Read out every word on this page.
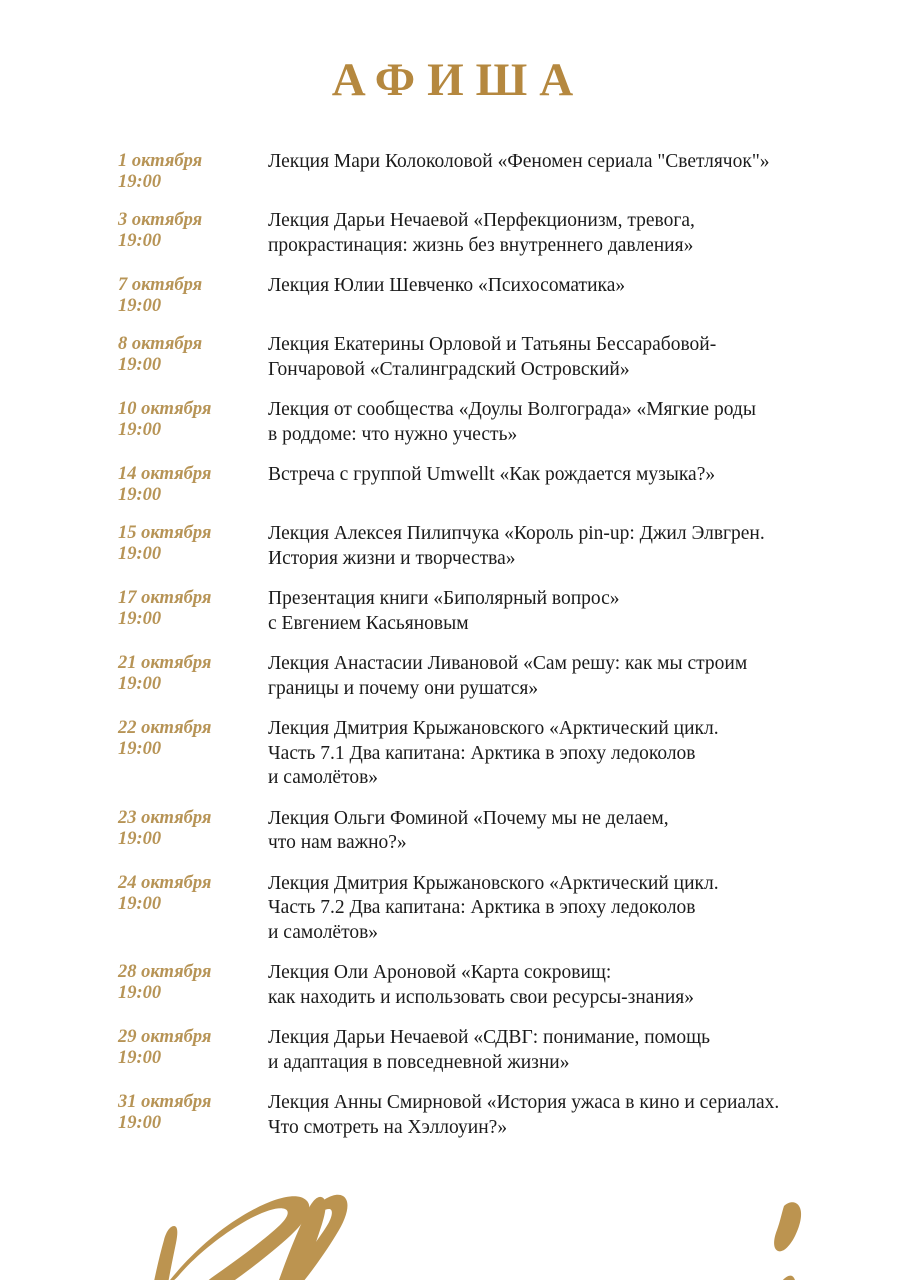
АФИША
1 октября
19:00
Лекция Мари Колоколовой «Феномен сериала "Светлячок"»
3 октября
19:00
Лекция Дарьи Нечаевой «Перфекционизм, тревога,
прокрастинация: жизнь без внутреннего давления»
7 октября
19:00
Лекция Юлии Шевченко «Психосоматика»
8 октября
19:00
Лекция Екатерины Орловой и Татьяны Бессарабовой-
Гончаровой «Сталинградский Островский»
10 октября
19:00
Лекция от сообщества «Доулы Волгограда» «Мягкие роды
в роддоме: что нужно учесть»
14 октября
19:00
Встреча с группой Umwellt «Как рождается музыка?»
15 октября
19:00
Лекция Алексея Пилипчука «Король pin-up: Джил Элвгрен.
История жизни и творчества»
17 октября
19:00
Презентация книги «Биполярный вопрос»
с Евгением Касьяновым
21 октября
19:00
Лекция Анастасии Ливановой «Сам решу: как мы строим
границы и почему они рушатся»
22 октября
19:00
Лекция Дмитрия Крыжановского «Арктический цикл.
Часть 7.1 Два капитана: Арктика в эпоху ледоколов
и самолётов»
23 октября
19:00
Лекция Ольги Фоминой «Почему мы не делаем,
что нам важно?»
24 октября
19:00
Лекция Дмитрия Крыжановского «Арктический цикл.
Часть 7.2 Два капитана: Арктика в эпоху ледоколов
и самолётов»
28 октября
19:00
Лекция Оли Ароновой «Карта сокровищ:
как находить и использовать свои ресурсы-знания»
29 октября
19:00
Лекция Дарьи Нечаевой «СДВГ: понимание, помощь
и адаптация в повседневной жизни»
31 октября
19:00
Лекция Анны Смирновой «История ужаса в кино и сериалах.
Что смотреть на Хэллоуин?»
